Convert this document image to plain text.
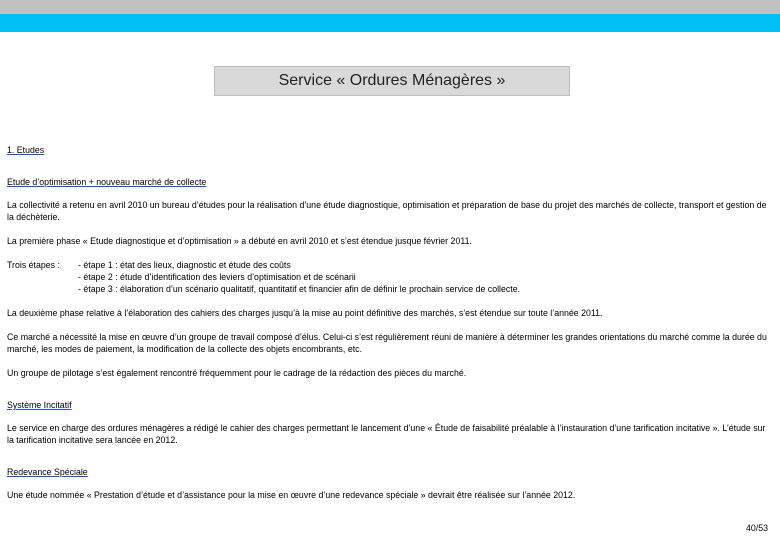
Service « Ordures Ménagères »
1. Etudes

Etude d’optimisation + nouveau marché de collecte

La collectivité a retenu en avril 2010 un bureau d’études pour la réalisation d’une étude diagnostique, optimisation et préparation de base du projet des marchés de collecte, transport et gestion de la déchèterie.

La première phase « Etude diagnostique et d’optimisation » a débuté en avril 2010 et s’est étendue jusque février 2011.

Trois étapes :	- étape 1 : état des lieux, diagnostic et étude des coûts
- étape 2 : étude d’identification des leviers d’optimisation et de scénarii
- étape 3 : élaboration d’un scénario qualitatif, quantitatif et financier afin de définir le prochain service de collecte.

La deuxième phase relative à l’élaboration des cahiers des charges jusqu’à la mise au point définitive des marchés, s’est étendue sur toute l’année 2011.

Ce marché a nécessité la mise en œuvre d’un groupe de travail composé d’élus. Celui-ci s’est régulièrement réuni de manière à déterminer les grandes orientations du marché comme la durée du marché, les modes de paiement, la modification de la collecte des objets encombrants, etc.

Un groupe de pilotage s’est également rencontré fréquemment pour le cadrage de la rédaction des pièces du marché.

Système Incitatif

Le service en charge des ordures ménagères a rédigé le cahier des charges permettant le lancement d’une « Étude de faisabilité préalable à l’instauration d’une tarification incitative ». L’étude sur la tarification incitative sera lancée en 2012.

Redevance Spéciale

Une étude nommée « Prestation d’étude et d’assistance pour la mise en œuvre d’une redevance spéciale » devrait être réalisée sur l’année 2012.

40/53
